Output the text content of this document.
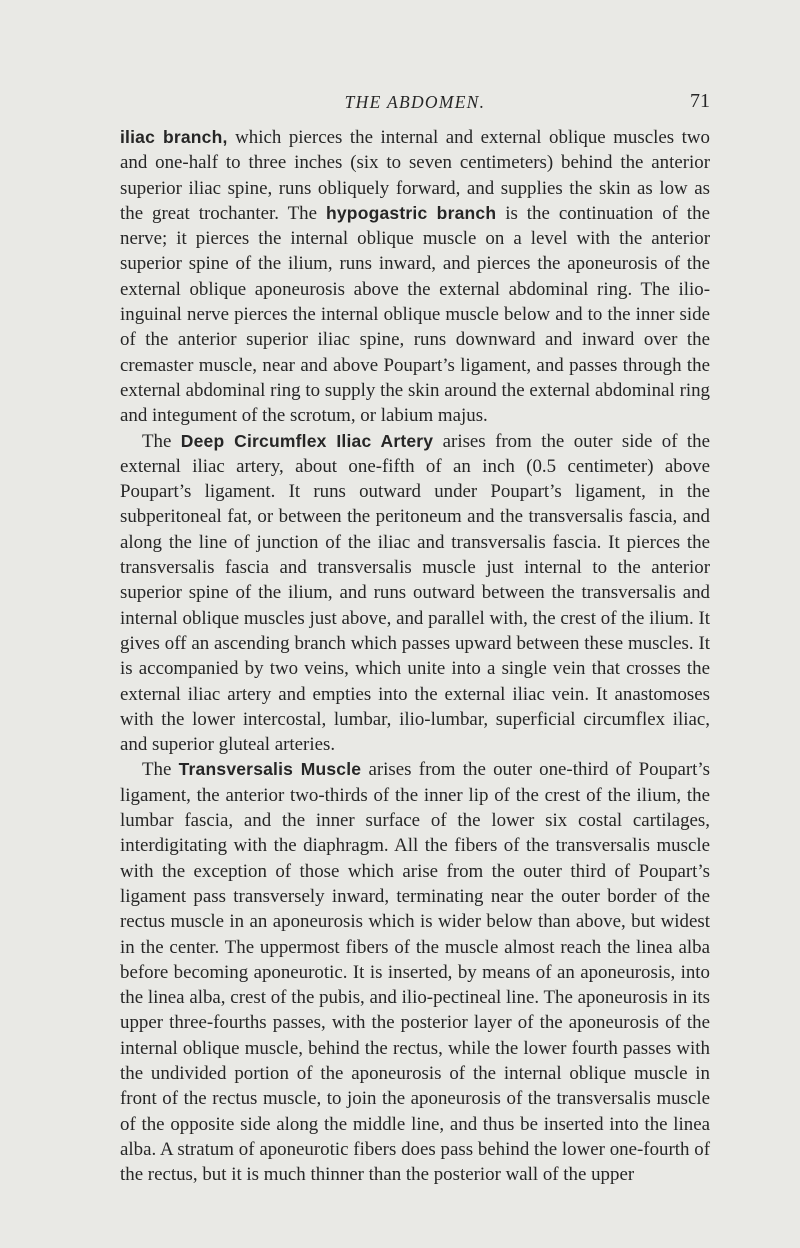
THE ABDOMEN.	71

iliac branch, which pierces the internal and external oblique muscles two and one-half to three inches (six to seven centimeters) behind the anterior superior iliac spine, runs obliquely forward, and supplies the skin as low as the great trochanter. The hypogastric branch is the continuation of the nerve; it pierces the internal oblique muscle on a level with the anterior superior spine of the ilium, runs inward, and pierces the aponeurosis of the external oblique aponeurosis above the external abdominal ring. The ilio-inguinal nerve pierces the internal oblique muscle below and to the inner side of the anterior superior iliac spine, runs downward and inward over the cremaster muscle, near and above Poupart’s ligament, and passes through the external abdominal ring to supply the skin around the external abdominal ring and integument of the scrotum, or labium majus.

The Deep Circumflex Iliac Artery arises from the outer side of the external iliac artery, about one-fifth of an inch (0.5 centimeter) above Poupart’s ligament. It runs outward under Poupart’s ligament, in the subperitoneal fat, or between the peritoneum and the transversalis fascia, and along the line of junction of the iliac and transversalis fascia. It pierces the transversalis fascia and transversalis muscle just internal to the anterior superior spine of the ilium, and runs outward between the transversalis and internal oblique muscles just above, and parallel with, the crest of the ilium. It gives off an ascending branch which passes upward between these muscles. It is accompanied by two veins, which unite into a single vein that crosses the external iliac artery and empties into the external iliac vein. It anastomoses with the lower intercostal, lumbar, ilio-lumbar, superficial circumflex iliac, and superior gluteal arteries.

The Transversalis Muscle arises from the outer one-third of Poupart’s ligament, the anterior two-thirds of the inner lip of the crest of the ilium, the lumbar fascia, and the inner surface of the lower six costal cartilages, interdigitating with the diaphragm. All the fibers of the transversalis muscle with the exception of those which arise from the outer third of Poupart’s ligament pass transversely inward, terminating near the outer border of the rectus muscle in an aponeurosis which is wider below than above, but widest in the center. The uppermost fibers of the muscle almost reach the linea alba before becoming aponeurotic. It is inserted, by means of an aponeurosis, into the linea alba, crest of the pubis, and ilio-pectineal line. The aponeurosis in its upper three-fourths passes, with the posterior layer of the aponeurosis of the internal oblique muscle, behind the rectus, while the lower fourth passes with the undivided portion of the aponeurosis of the internal oblique muscle in front of the rectus muscle, to join the aponeurosis of the transversalis muscle of the opposite side along the middle line, and thus be inserted into the linea alba. A stratum of aponeurotic fibers does pass behind the lower one-fourth of the rectus, but it is much thinner than the posterior wall of the upper
